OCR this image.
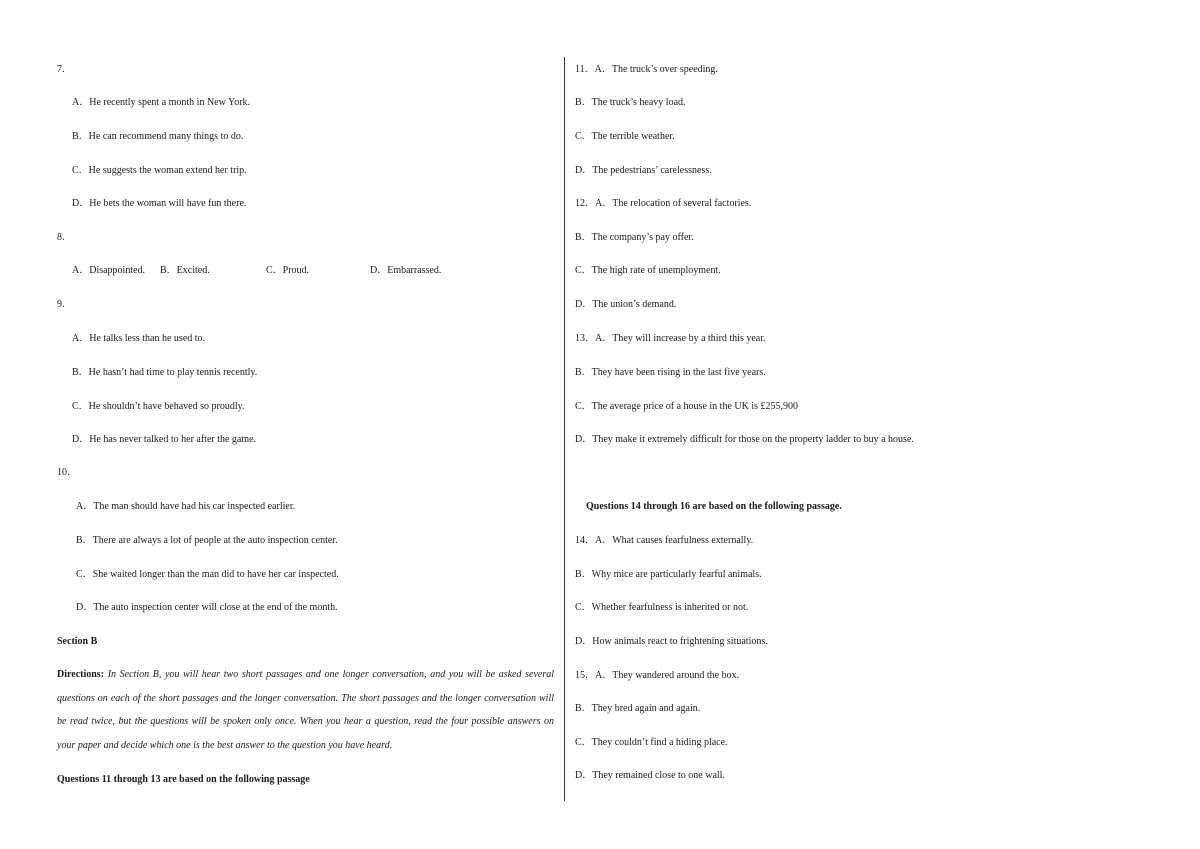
7．
A．He recently spent a month in New York.
B．He can recommend many things to do.
C．He suggests the woman extend her trip.
D．He bets the woman will have fun there.
8．
A．Disappointed. B．Excited.	C．Proud.	D．Embarrassed.
9．
A．He talks less than he used to.
B．He hasn’t had time to play tennis recently.
C．He shouldn’t have behaved so proudly.
D．He has never talked to her after the game.
10．
A．The man should have had his car inspected earlier.
B．There are always a lot of people at the auto inspection center.
C．She waited longer than the man did to have her car inspected.
D．The auto inspection center will close at the end of the month.
Section B
Directions: In Section B, you will hear two short passages and one longer conversation, and you will be asked several questions on each of the short passages and the longer conversation. The short passages and the longer conversation will be read twice, but the questions will be spoken only once. When you hear a question, read the four possible answers on your paper and decide which one is the best answer to the question you have heard.
Questions 11 through 13 are based on the following passage
11．A．The truck’s over speeding.
B．The truck’s heavy load.
C．The terrible weather.
D．The pedestrians’ carelessness.
12．A．The relocation of several factories.
B．The company’s pay offer.
C．The high rate of unemployment.
D．The union’s demand.
13．A．They will increase by a third this year.
B．They have been rising in the last five years.
C．The average price of a house in the UK is £255,900
D．They make it extremely difficult for those on the property ladder to buy a house.
Questions 14 through 16 are based on the following passage.
14．A．What causes fearfulness externally.
B．Why mice are particularly fearful animals.
C．Whether fearfulness is inherited or not.
D．How animals react to frightening situations.
15．A．They wandered around the box.
B．They bred again and again.
C．They couldn’t find a hiding place.
D．They remained close to one wall.
